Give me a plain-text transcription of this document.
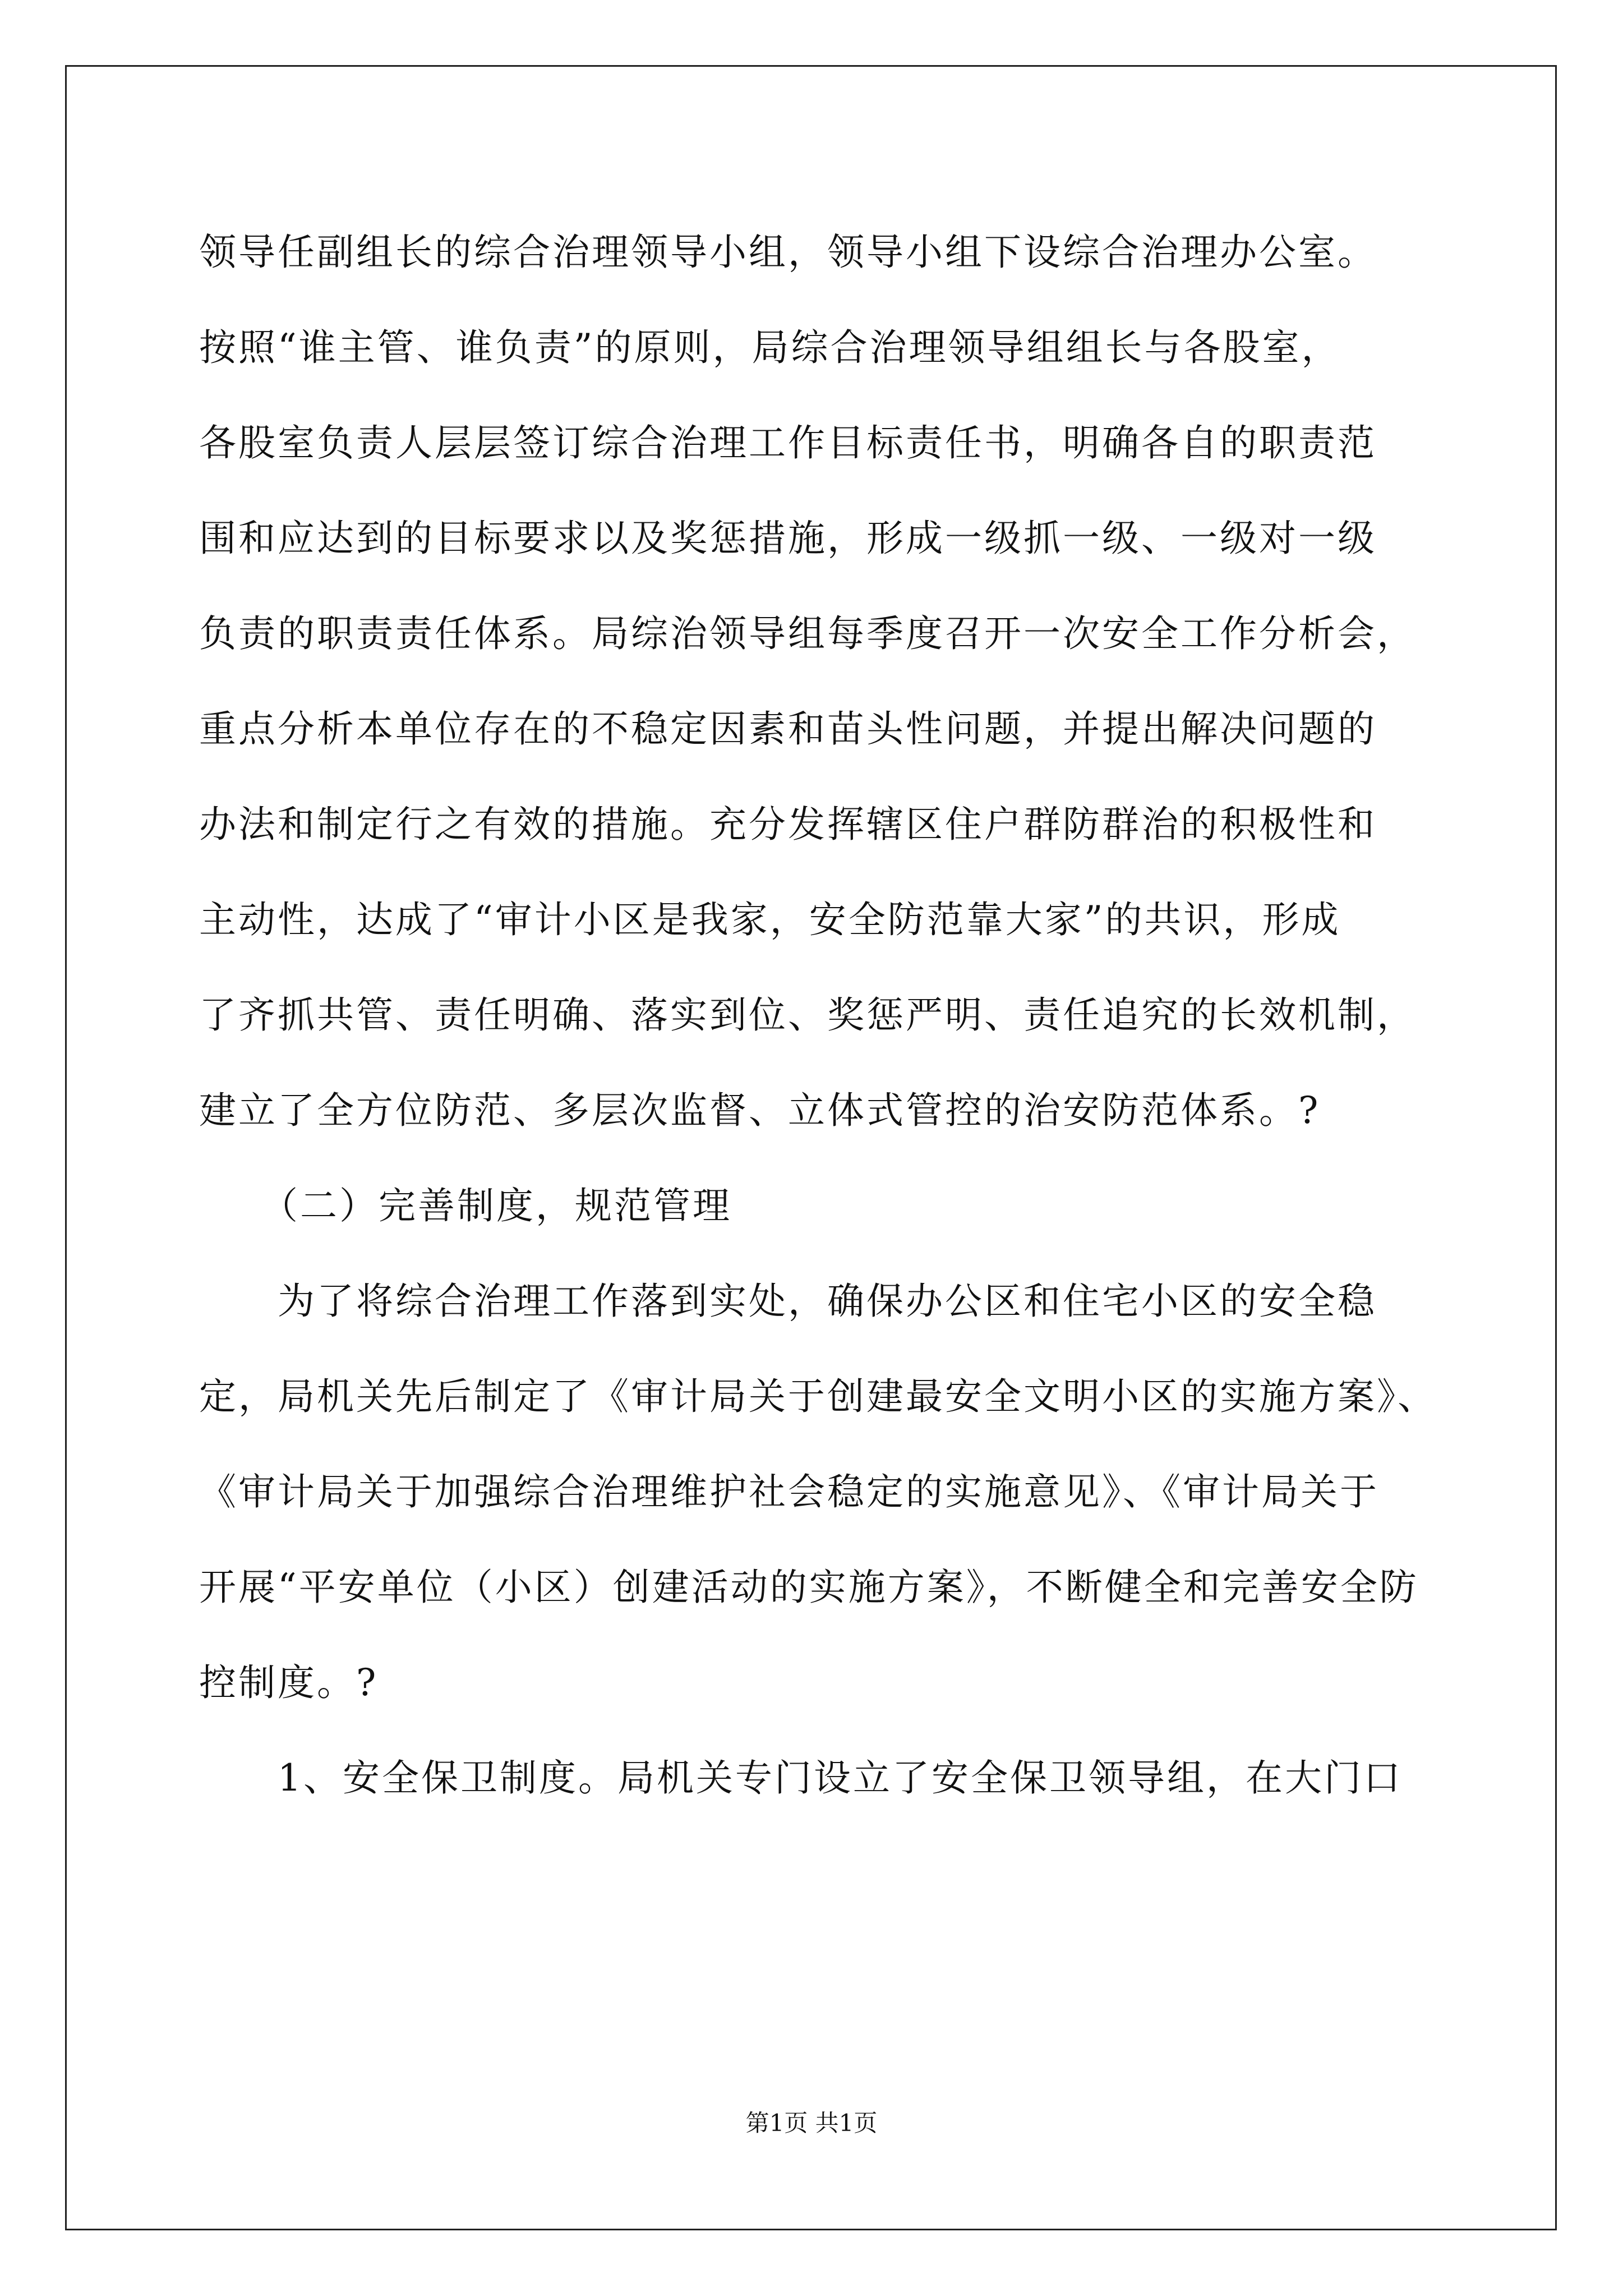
领导任副组长的综合治理领导小组，领导小组下设综合治理办公室。
按照“谁主管、谁负责”的原则，局综合治理领导组组长与各股室，
各股室负责人层层签订综合治理工作目标责任书，明确各自的职责范
围和应达到的目标要求以及奖惩措施，形成一级抓一级、一级对一级
负责的职责责任体系。局综治领导组每季度召开一次安全工作分析会，
重点分析本单位存在的不稳定因素和苗头性问题，并提出解决问题的
办法和制定行之有效的措施。充分发挥辖区住户群防群治的积极性和
主动性，达成了“审计小区是我家，安全防范靠大家”的共识，形成
了齐抓共管、责任明确、落实到位、奖惩严明、责任追究的长效机制，
建立了全方位防范、多层次监督、立体式管控的治安防范体系。?
（二）完善制度，规范管理
为了将综合治理工作落到实处，确保办公区和住宅小区的安全稳
定，局机关先后制定了《审计局关于创建最安全文明小区的实施方案》、
《审计局关于加强综合治理维护社会稳定的实施意见》、《审计局关于
开展“平安单位（小区）创建活动的实施方案》，不断健全和完善安全防
控制度。?
1、安全保卫制度。局机关专门设立了安全保卫领导组，在大门口
第1页 共1页
